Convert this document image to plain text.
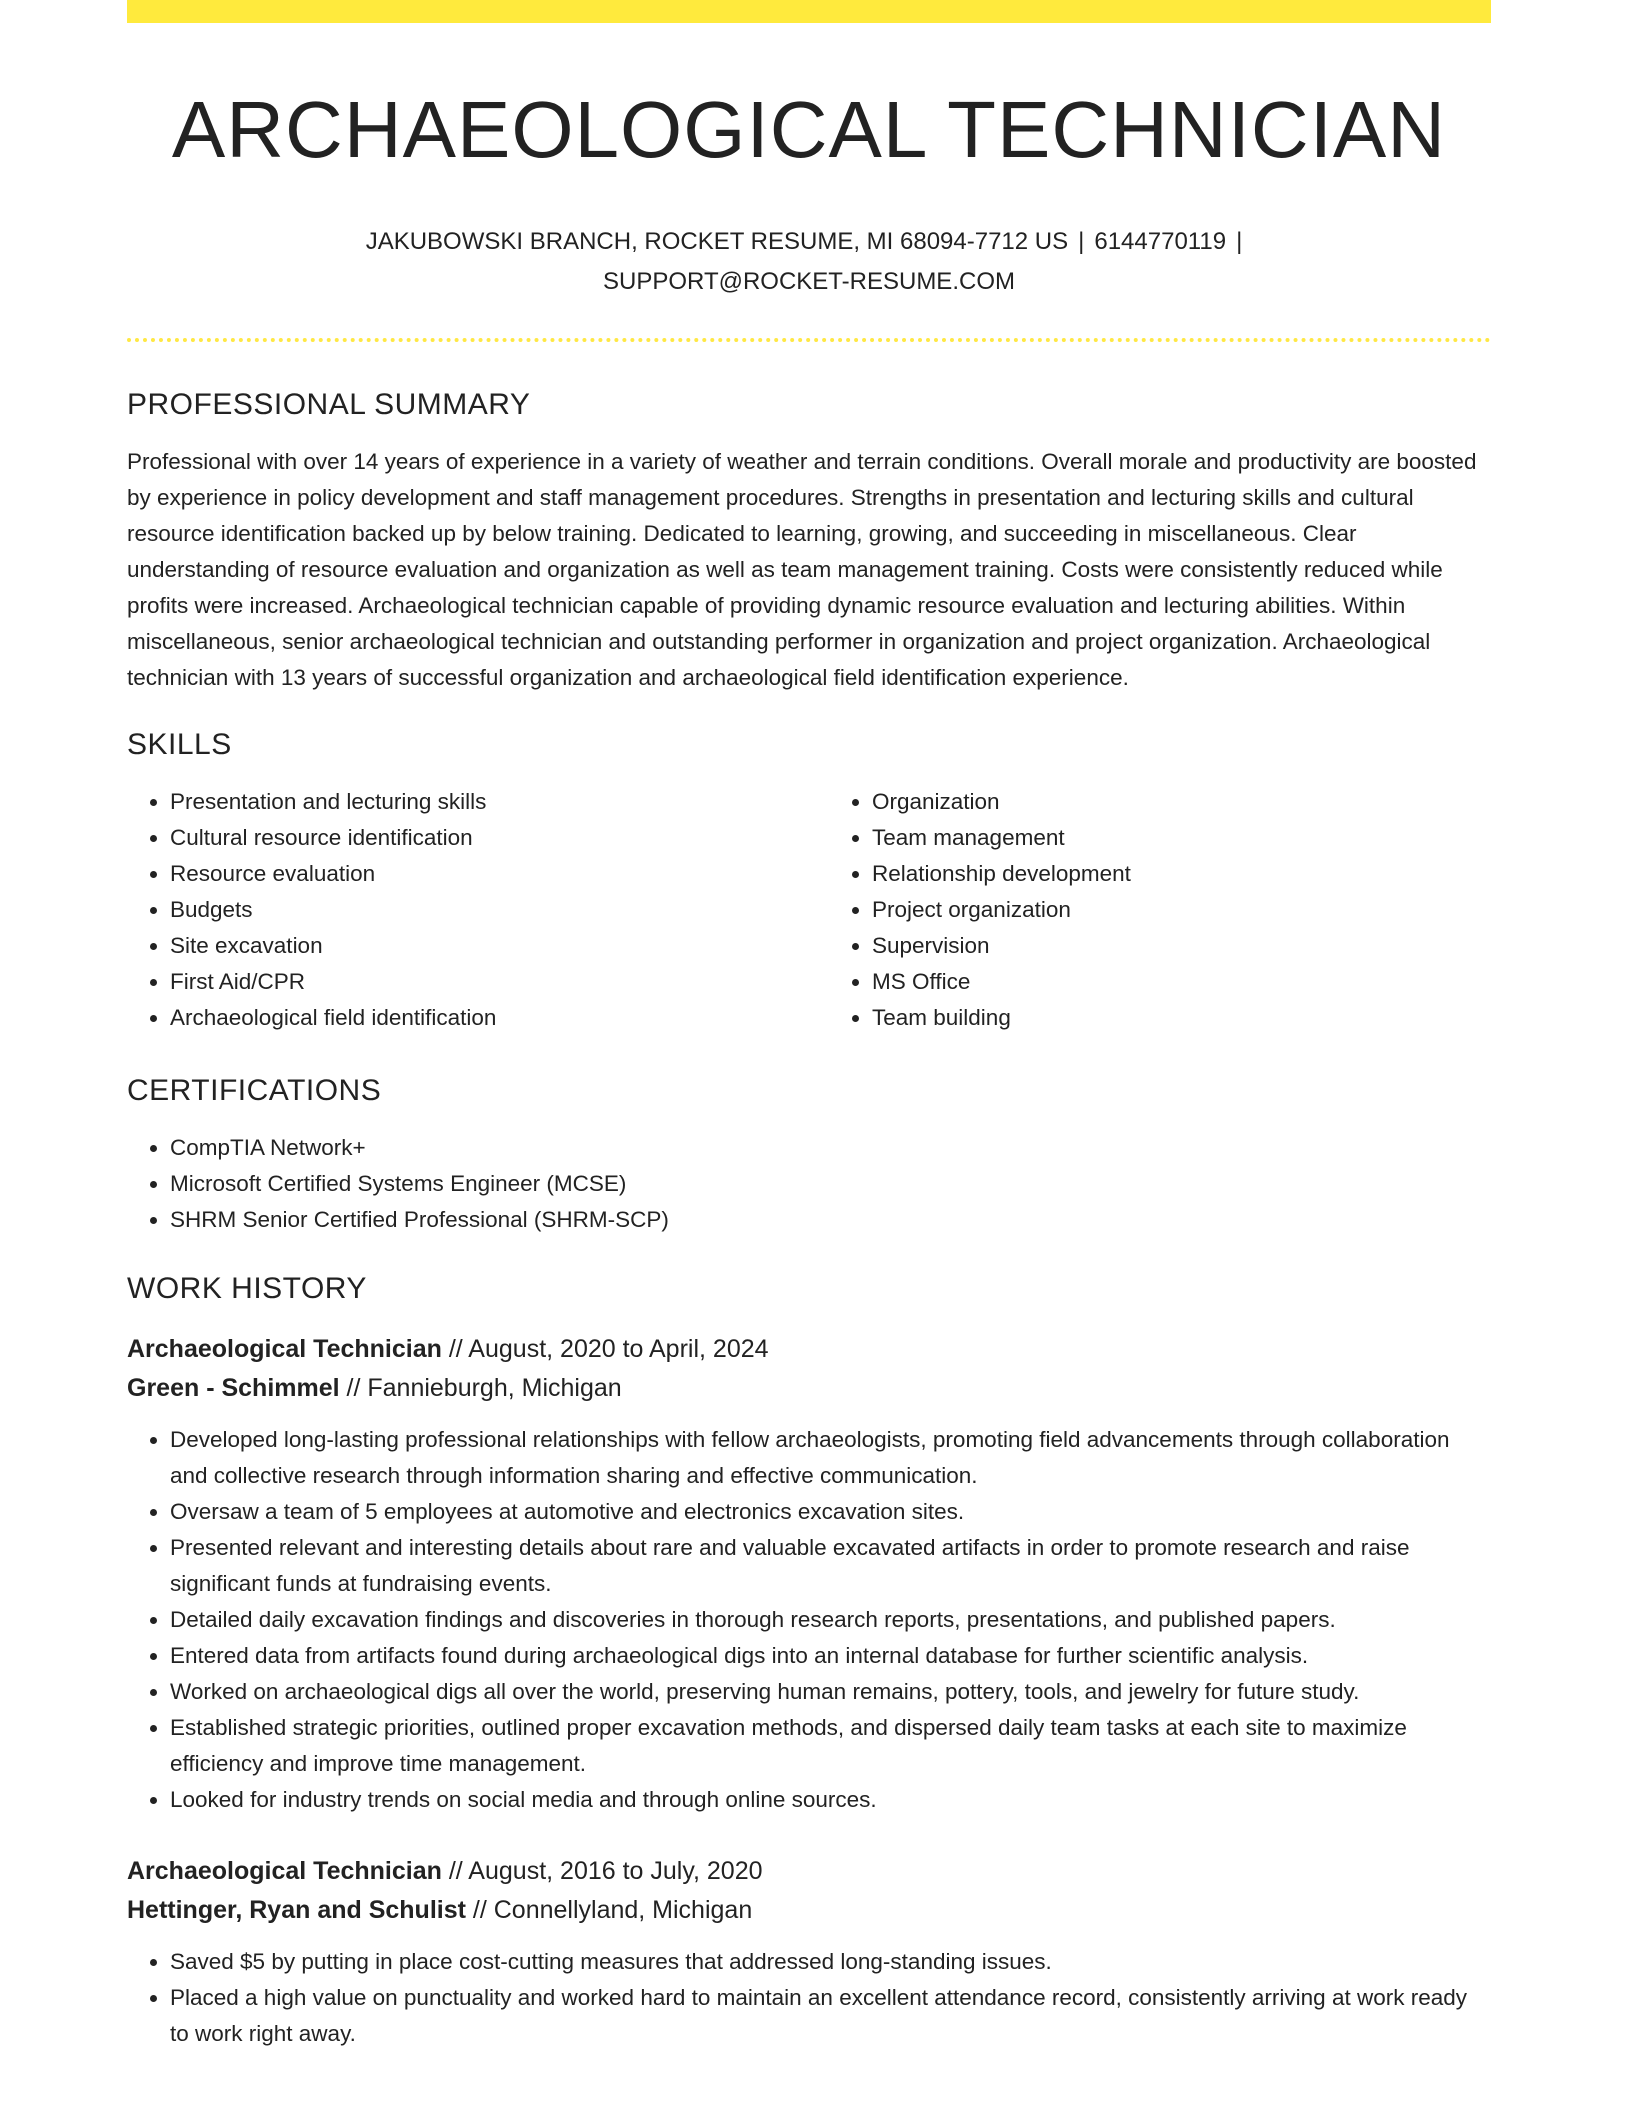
ARCHAEOLOGICAL TECHNICIAN

JAKUBOWSKI BRANCH, ROCKET RESUME, MI 68094-7712 US | 6144770119 |
SUPPORT@ROCKET-RESUME.COM

PROFESSIONAL SUMMARY

Professional with over 14 years of experience in a variety of weather and terrain conditions. Overall morale and productivity are boosted by experience in policy development and staff management procedures. Strengths in presentation and lecturing skills and cultural resource identification backed up by below training. Dedicated to learning, growing, and succeeding in miscellaneous. Clear understanding of resource evaluation and organization as well as team management training. Costs were consistently reduced while profits were increased. Archaeological technician capable of providing dynamic resource evaluation and lecturing abilities. Within miscellaneous, senior archaeological technician and outstanding performer in organization and project organization. Archaeological technician with 13 years of successful organization and archaeological field identification experience.

SKILLS
• Presentation and lecturing skills
• Cultural resource identification
• Resource evaluation
• Budgets
• Site excavation
• First Aid/CPR
• Archaeological field identification
• Organization
• Team management
• Relationship development
• Project organization
• Supervision
• MS Office
• Team building
CERTIFICATIONS
• CompTIA Network+
• Microsoft Certified Systems Engineer (MCSE)
• SHRM Senior Certified Professional (SHRM-SCP)
WORK HISTORY
Archaeological Technician // August, 2020 to April, 2024
Green - Schimmel // Fannieburgh, Michigan
• Developed long-lasting professional relationships with fellow archaeologists, promoting field advancements through collaboration and collective research through information sharing and effective communication.
• Oversaw a team of 5 employees at automotive and electronics excavation sites.
• Presented relevant and interesting details about rare and valuable excavated artifacts in order to promote research and raise significant funds at fundraising events.
• Detailed daily excavation findings and discoveries in thorough research reports, presentations, and published papers.
• Entered data from artifacts found during archaeological digs into an internal database for further scientific analysis.
• Worked on archaeological digs all over the world, preserving human remains, pottery, tools, and jewelry for future study.
• Established strategic priorities, outlined proper excavation methods, and dispersed daily team tasks at each site to maximize efficiency and improve time management.
• Looked for industry trends on social media and through online sources.
Archaeological Technician // August, 2016 to July, 2020
Hettinger, Ryan and Schulist // Connellyland, Michigan
• Saved $5 by putting in place cost-cutting measures that addressed long-standing issues.
• Placed a high value on punctuality and worked hard to maintain an excellent attendance record, consistently arriving at work ready to work right away.
